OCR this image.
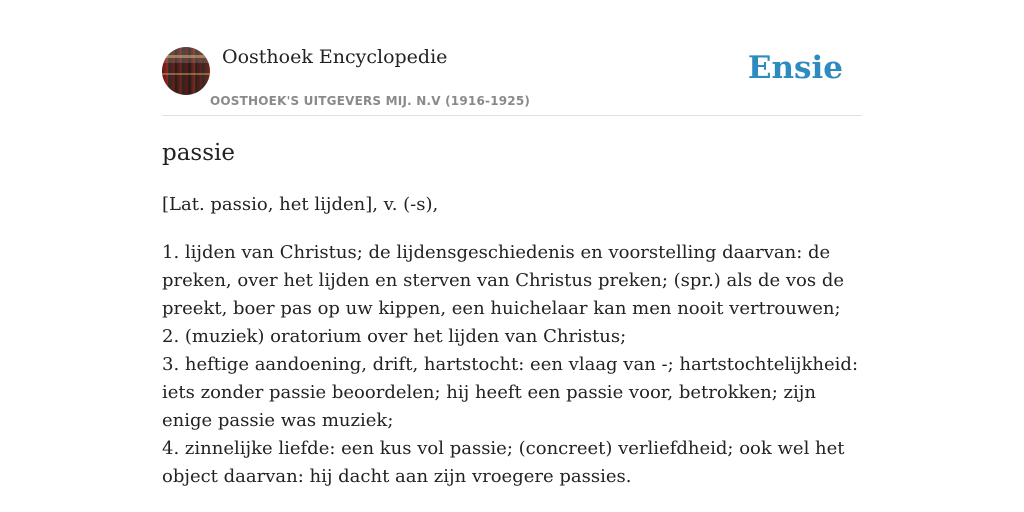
Oosthoek Encyclopedie
OOSTHOEK'S UITGEVERS MIJ. N.V (1916-1925)
Ensie
passie
[Lat. passio, het lijden], v. (-s),

1. lijden van Christus; de lijdensgeschiedenis en voorstelling daarvan: de preken, over het lijden en sterven van Christus preken; (spr.) als de vos de preekt, boer pas op uw kippen, een huichelaar kan men nooit vertrouwen;

2. (muziek) oratorium over het lijden van Christus;

3. heftige aandoening, drift, hartstocht: een vlaag van -; hartstochtelijkheid: iets zonder passie beoordelen; hij heeft een passie voor, betrokken; zijn enige passie was muziek;

4. zinnelijke liefde: een kus vol passie; (concreet) verliefdheid; ook wel het object daarvan: hij dacht aan zijn vroegere passies.
